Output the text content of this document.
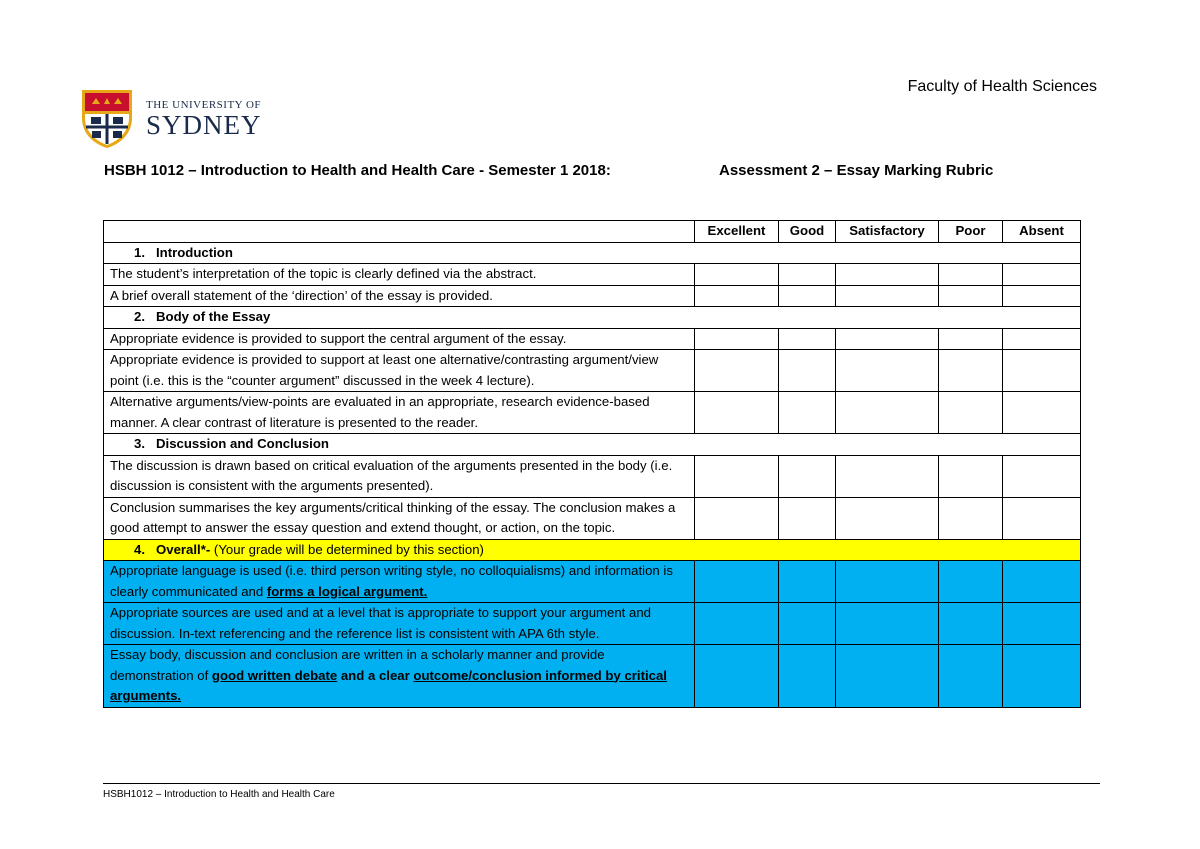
Faculty of Health Sciences
THE UNIVERSITY OF
SYDNEY
HSBH 1012 – Introduction to Health and Health Care - Semester 1 2018:	Assessment 2 – Essay Marking Rubric
	Excellent	Good	Satisfactory	Poor	Absent
1. Introduction					
The student’s interpretation of the topic is clearly defined via the abstract.					
A brief overall statement of the ‘direction’ of the essay is provided.					
2. Body of the Essay					
Appropriate evidence is provided to support the central argument of the essay.					
Appropriate evidence is provided to support at least one alternative/contrasting argument/view point (i.e. this is the “counter argument” discussed in the week 4 lecture).					
Alternative arguments/view-points are evaluated in an appropriate, research evidence-based manner. A clear contrast of literature is presented to the reader.					
3. Discussion and Conclusion					
The discussion is drawn based on critical evaluation of the arguments presented in the body (i.e. discussion is consistent with the arguments presented).					
Conclusion summarises the key arguments/critical thinking of the essay. The conclusion makes a good attempt to answer the essay question and extend thought, or action, on the topic.					
4. Overall*- (Your grade will be determined by this section)					
Appropriate language is used (i.e. third person writing style, no colloquialisms) and information is clearly communicated and forms a logical argument.					
Appropriate sources are used and at a level that is appropriate to support your argument and discussion. In-text referencing and the reference list is consistent with APA 6th style.					
Essay body, discussion and conclusion are written in a scholarly manner and provide demonstration of good written debate and a clear outcome/conclusion informed by critical arguments.					
HSBH1012 – Introduction to Health and Health Care
